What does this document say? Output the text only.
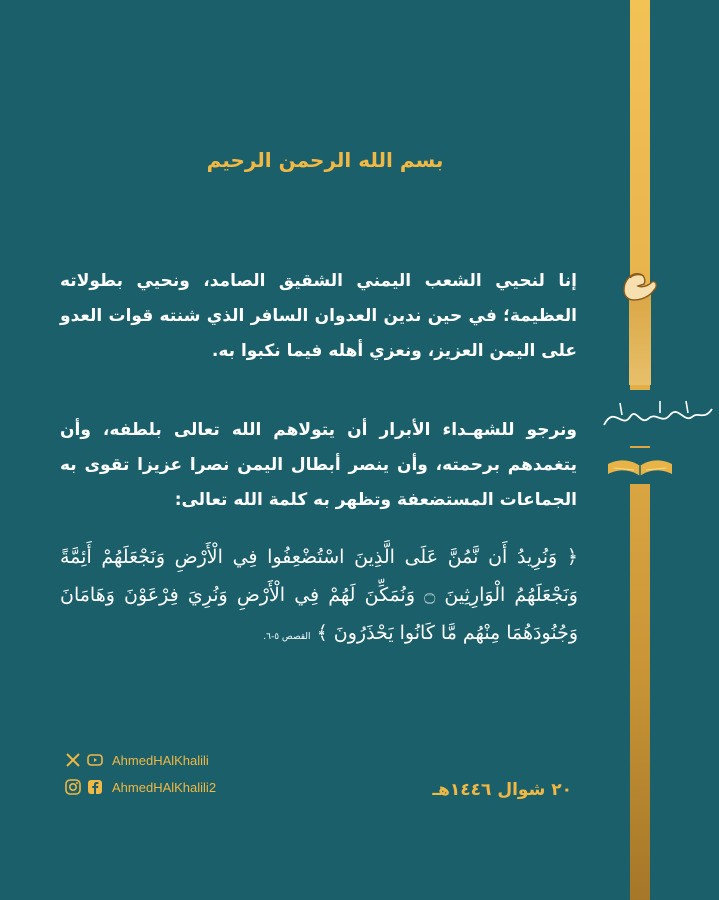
بسم الله الرحمن الرحيم
إنا لنحيي الشعب اليمني الشقيق الصامد، ونحيي بطولاته العظيمة؛ في حين ندين العدوان السافر الذي شنته قوات العدو على اليمن العزيز، ونعزي أهله فيما نكبوا به.
ونرجو للشهـداء الأبرار أن يتولاهم الله تعالى بلطفه، وأن يتغمدهم برحمته، وأن ينصر أبطال اليمن نصرا عزيزا تقوى به الجماعات المستضعفة وتظهر به كلمة الله تعالى:
﴿ وَنُرِيدُ أَن نَّمُنَّ عَلَى الَّذِينَ اسْتُضْعِفُوا فِي الْأَرْضِ وَنَجْعَلَهُمْ أَئِمَّةً وَنَجْعَلَهُمُ الْوَارِثِينَ ۝ وَنُمَكِّنَ لَهُمْ فِي الْأَرْضِ وَنُرِيَ فِرْعَوْنَ وَهَامَانَ وَجُنُودَهُمَا مِنْهُم مَّا كَانُوا يَحْذَرُونَ ﴾ القصص ٥-٦.
AhmedHAlKhalili
AhmedHAlKhalili2	٢٠ شوال ١٤٤٦هـ
